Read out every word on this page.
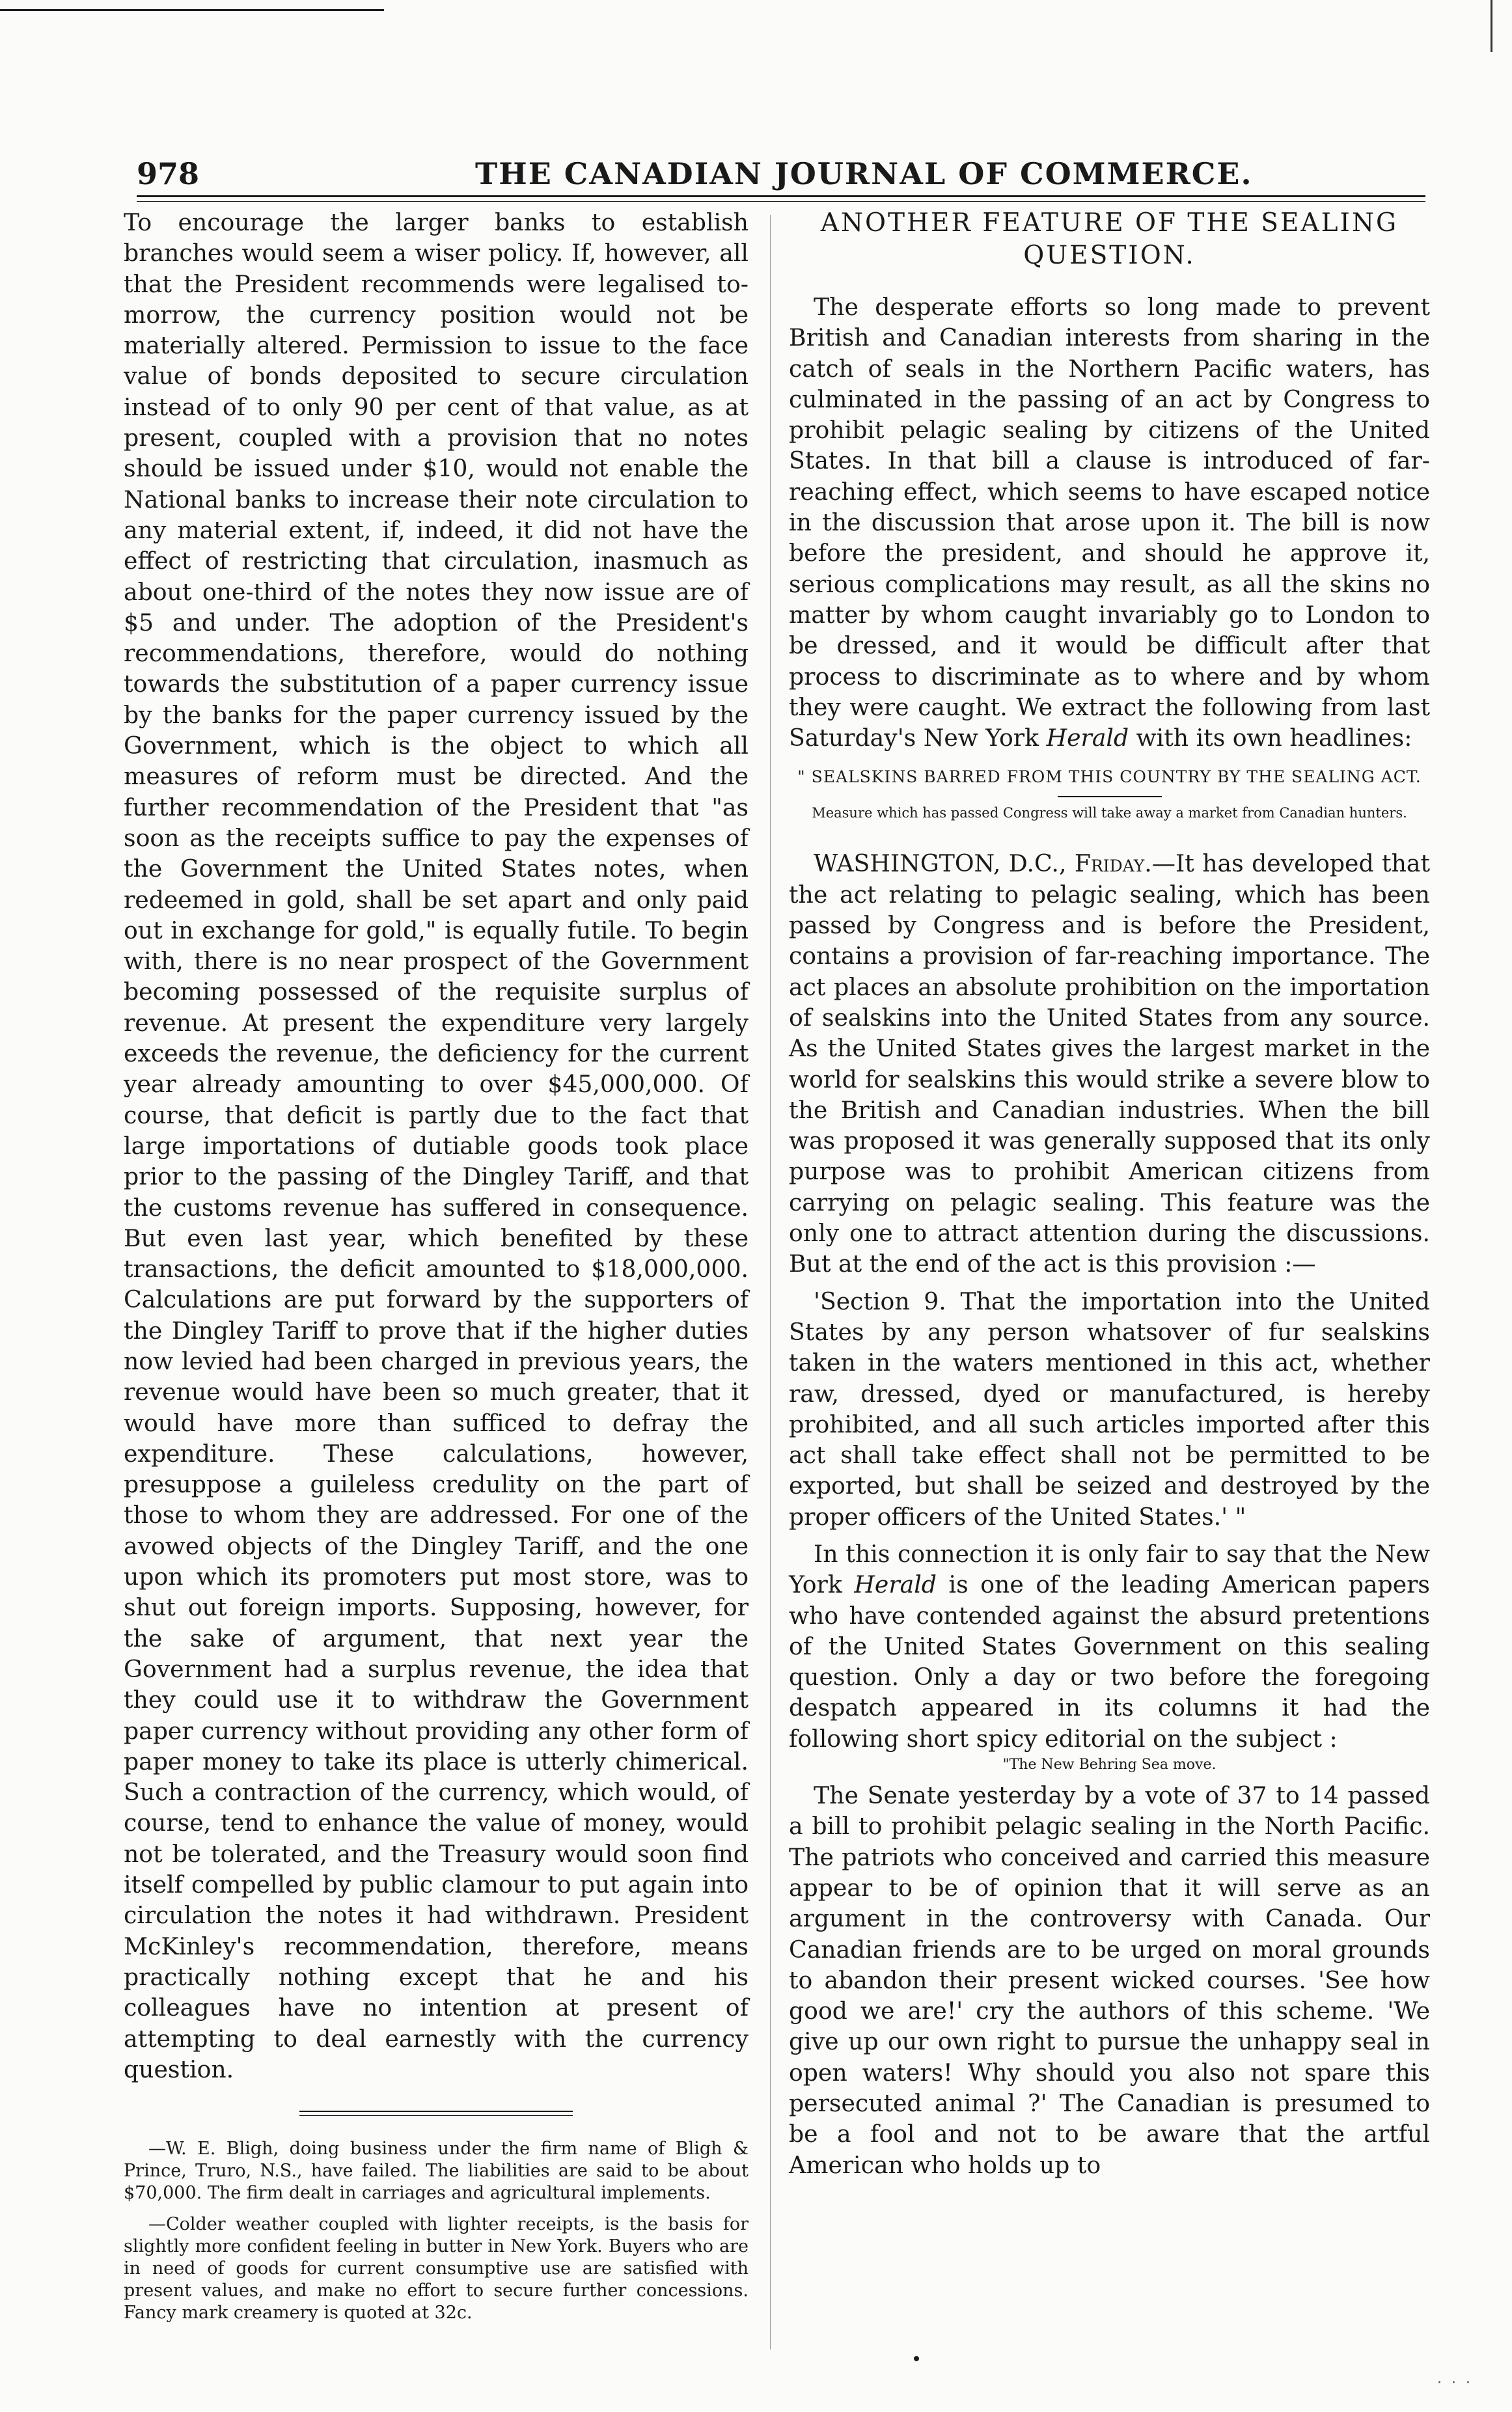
978	THE CANADIAN JOURNAL OF COMMERCE.

To encourage the larger banks to establish branches would seem a wiser policy. If, however, all that the President recommends were legalised to-morrow, the currency position would not be materially altered. Permission to issue to the face value of bonds deposited to secure circulation instead of to only 90 per cent of that value, as at present, coupled with a provision that no notes should be issued under $10, would not enable the National banks to increase their note circulation to any material extent, if, indeed, it did not have the effect of restricting that circulation, inasmuch as about one-third of the notes they now issue are of $5 and under. The adoption of the President's recommendations, therefore, would do nothing towards the substitution of a paper currency issue by the banks for the paper currency issued by the Government, which is the object to which all measures of reform must be directed. And the further recommendation of the President that "as soon as the receipts suffice to pay the expenses of the Government the United States notes, when redeemed in gold, shall be set apart and only paid out in exchange for gold," is equally futile. To begin with, there is no near prospect of the Government becoming possessed of the requisite surplus of revenue. At present the expenditure very largely exceeds the revenue, the deficiency for the current year already amounting to over $45,000,000. Of course, that deficit is partly due to the fact that large importations of dutiable goods took place prior to the passing of the Dingley Tariff, and that the customs revenue has suffered in consequence. But even last year, which benefited by these transactions, the deficit amounted to $18,000,000. Calculations are put forward by the supporters of the Dingley Tariff to prove that if the higher duties now levied had been charged in previous years, the revenue would have been so much greater, that it would have more than sufficed to defray the expenditure. These calculations, however, presuppose a guileless credulity on the part of those to whom they are addressed. For one of the avowed objects of the Dingley Tariff, and the one upon which its promoters put most store, was to shut out foreign imports. Supposing, however, for the sake of argument, that next year the Government had a surplus revenue, the idea that they could use it to withdraw the Government paper currency without providing any other form of paper money to take its place is utterly chimerical. Such a contraction of the currency, which would, of course, tend to enhance the value of money, would not be tolerated, and the Treasury would soon find itself compelled by public clamour to put again into circulation the notes it had withdrawn. President McKinley's recommendation, therefore, means practically nothing except that he and his colleagues have no intention at present of attempting to deal earnestly with the currency question.

—W. E. Bligh, doing business under the firm name of Bligh & Prince, Truro, N.S., have failed. The liabilities are said to be about $70,000. The firm dealt in carriages and agricultural implements.

—Colder weather coupled with lighter receipts, is the basis for slightly more confident feeling in butter in New York. Buyers who are in need of goods for current consumptive use are satisfied with present values, and make no effort to secure further concessions. Fancy mark creamery is quoted at 32c.

ANOTHER FEATURE OF THE SEALING QUESTION.

The desperate efforts so long made to prevent British and Canadian interests from sharing in the catch of seals in the Northern Pacific waters, has culminated in the passing of an act by Congress to prohibit pelagic sealing by citizens of the United States. In that bill a clause is introduced of far-reaching effect, which seems to have escaped notice in the discussion that arose upon it. The bill is now before the president, and should he approve it, serious complications may result, as all the skins no matter by whom caught invariably go to London to be dressed, and it would be difficult after that process to discriminate as to where and by whom they were caught. We extract the following from last Saturday's New York Herald with its own headlines:

" SEALSKINS BARRED FROM THIS COUNTRY BY THE SEALING ACT.
Measure which has passed Congress will take away a market from Canadian hunters.

WASHINGTON, D.C., Friday.—It has developed that the act relating to pelagic sealing, which has been passed by Congress and is before the President, contains a provision of far-reaching importance. The act places an absolute prohibition on the importation of sealskins into the United States from any source. As the United States gives the largest market in the world for sealskins this would strike a severe blow to the British and Canadian industries. When the bill was proposed it was generally supposed that its only purpose was to prohibit American citizens from carrying on pelagic sealing. This feature was the only one to attract attention during the discussions. But at the end of the act is this provision :—

'Section 9. That the importation into the United States by any person whatsover of fur sealskins taken in the waters mentioned in this act, whether raw, dressed, dyed or manufactured, is hereby prohibited, and all such articles imported after this act shall take effect shall not be permitted to be exported, but shall be seized and destroyed by the proper officers of the United States.' "

In this connection it is only fair to say that the New York Herald is one of the leading American papers who have contended against the absurd pretentions of the United States Government on this sealing question. Only a day or two before the foregoing despatch appeared in its columns it had the following short spicy editorial on the subject :

"The New Behring Sea move.

The Senate yesterday by a vote of 37 to 14 passed a bill to prohibit pelagic sealing in the North Pacific. The patriots who conceived and carried this measure appear to be of opinion that it will serve as an argument in the controversy with Canada. Our Canadian friends are to be urged on moral grounds to abandon their present wicked courses. 'See how good we are!' cry the authors of this scheme. 'We give up our own right to pursue the unhappy seal in open waters! Why should you also not spare this persecuted animal ?' The Canadian is presumed to be a fool and not to be aware that the artful American who holds up to

· · ·
